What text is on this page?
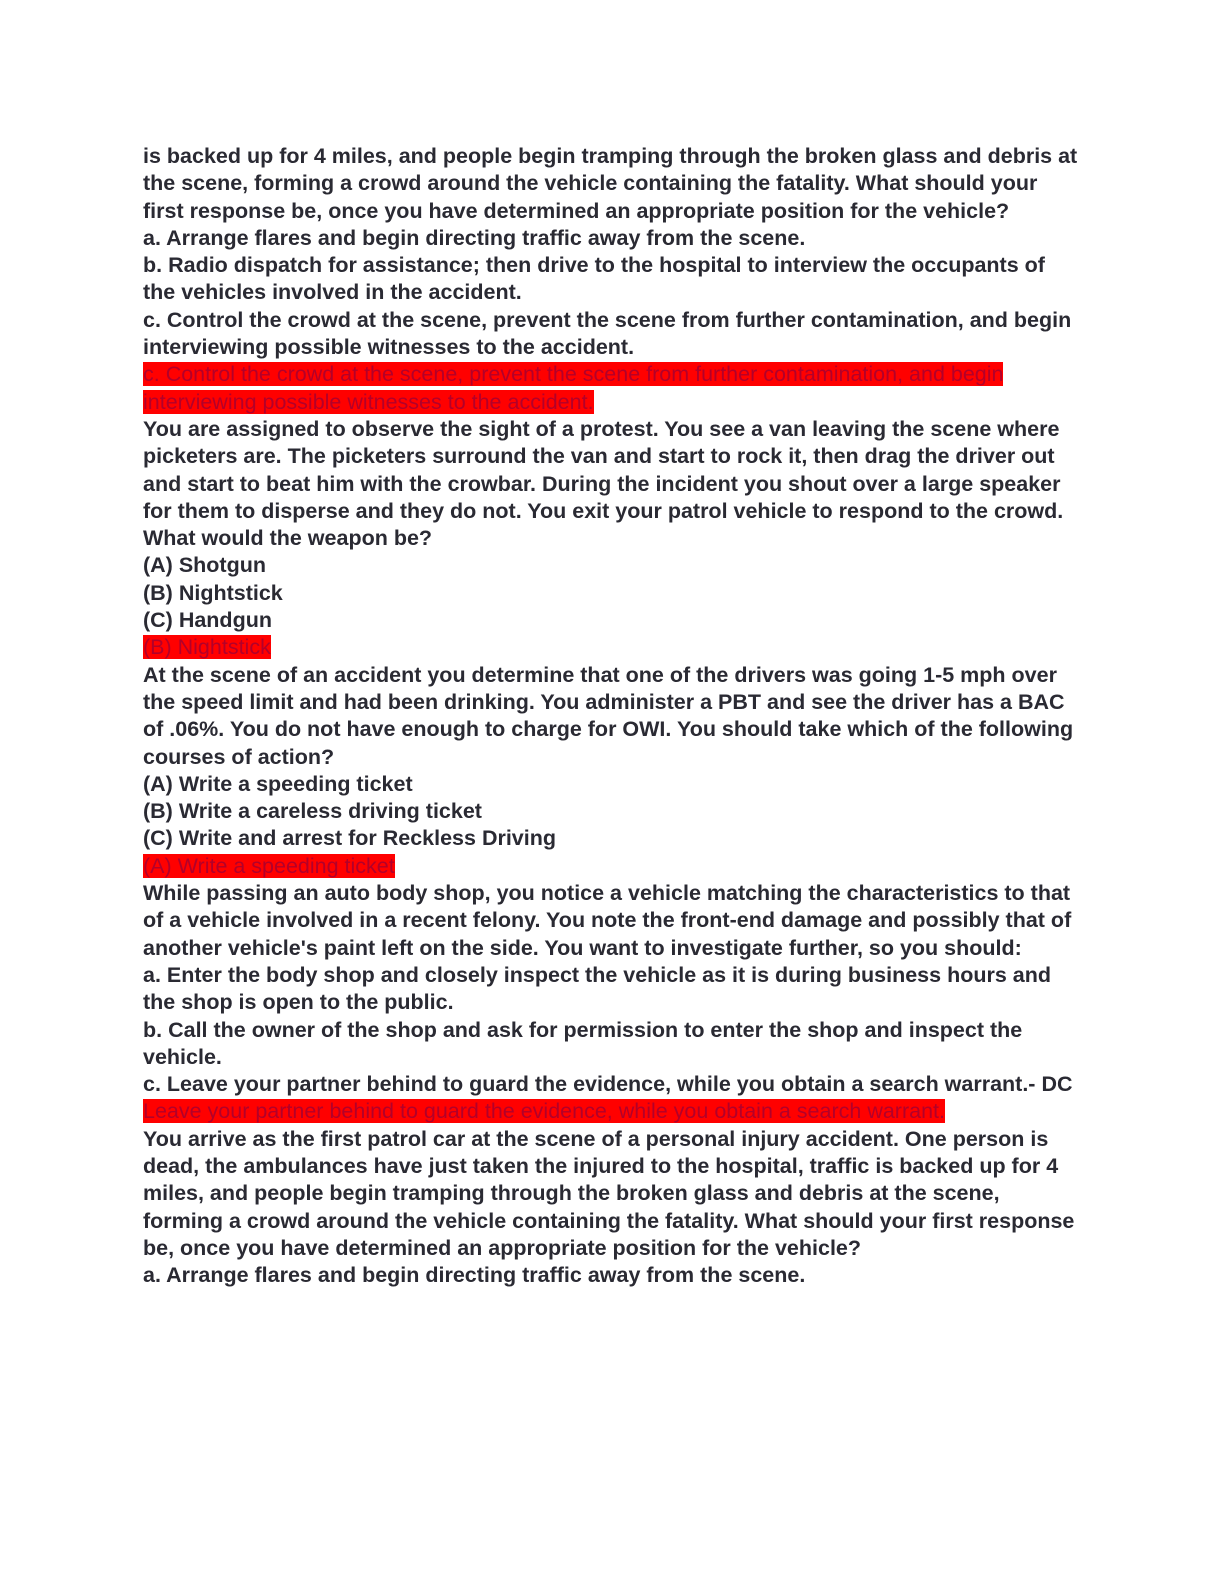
is backed up for 4 miles, and people begin tramping through the broken glass and debris at the scene, forming a crowd around the vehicle containing the fatality. What should your first response be, once you have determined an appropriate position for the vehicle?

a. Arrange flares and begin directing traffic away from the scene.

b. Radio dispatch for assistance; then drive to the hospital to interview the occupants of the vehicles involved in the accident.

c. Control the crowd at the scene, prevent the scene from further contamination, and begin interviewing possible witnesses to the accident.

c. Control the crowd at the scene, prevent the scene from further contamination, and begin interviewing possible witnesses to the accident.

You are assigned to observe the sight of a protest. You see a van leaving the scene where picketers are. The picketers surround the van and start to rock it, then drag the driver out and start to beat him with the crowbar. During the incident you shout over a large speaker for them to disperse and they do not. You exit your patrol vehicle to respond to the crowd. What would the weapon be?

(A) Shotgun

(B) Nightstick

(C) Handgun

(B) Nightstick

At the scene of an accident you determine that one of the drivers was going 1-5 mph over the speed limit and had been drinking. You administer a PBT and see the driver has a BAC of .06%. You do not have enough to charge for OWI. You should take which of the following courses of action?

(A) Write a speeding ticket

(B) Write a careless driving ticket

(C) Write and arrest for Reckless Driving

(A) Write a speeding ticket

While passing an auto body shop, you notice a vehicle matching the characteristics to that of a vehicle involved in a recent felony. You note the front-end damage and possibly that of another vehicle's paint left on the side. You want to investigate further, so you should:

a. Enter the body shop and closely inspect the vehicle as it is during business hours and the shop is open to the public.

b. Call the owner of the shop and ask for permission to enter the shop and inspect the vehicle.

c. Leave your partner behind to guard the evidence, while you obtain a search warrant.- DC

Leave your partner behind to guard the evidence, while you obtain a search warrant.

You arrive as the first patrol car at the scene of a personal injury accident. One person is dead, the ambulances have just taken the injured to the hospital, traffic is backed up for 4 miles, and people begin tramping through the broken glass and debris at the scene, forming a crowd around the vehicle containing the fatality. What should your first response be, once you have determined an appropriate position for the vehicle?

a. Arrange flares and begin directing traffic away from the scene.
